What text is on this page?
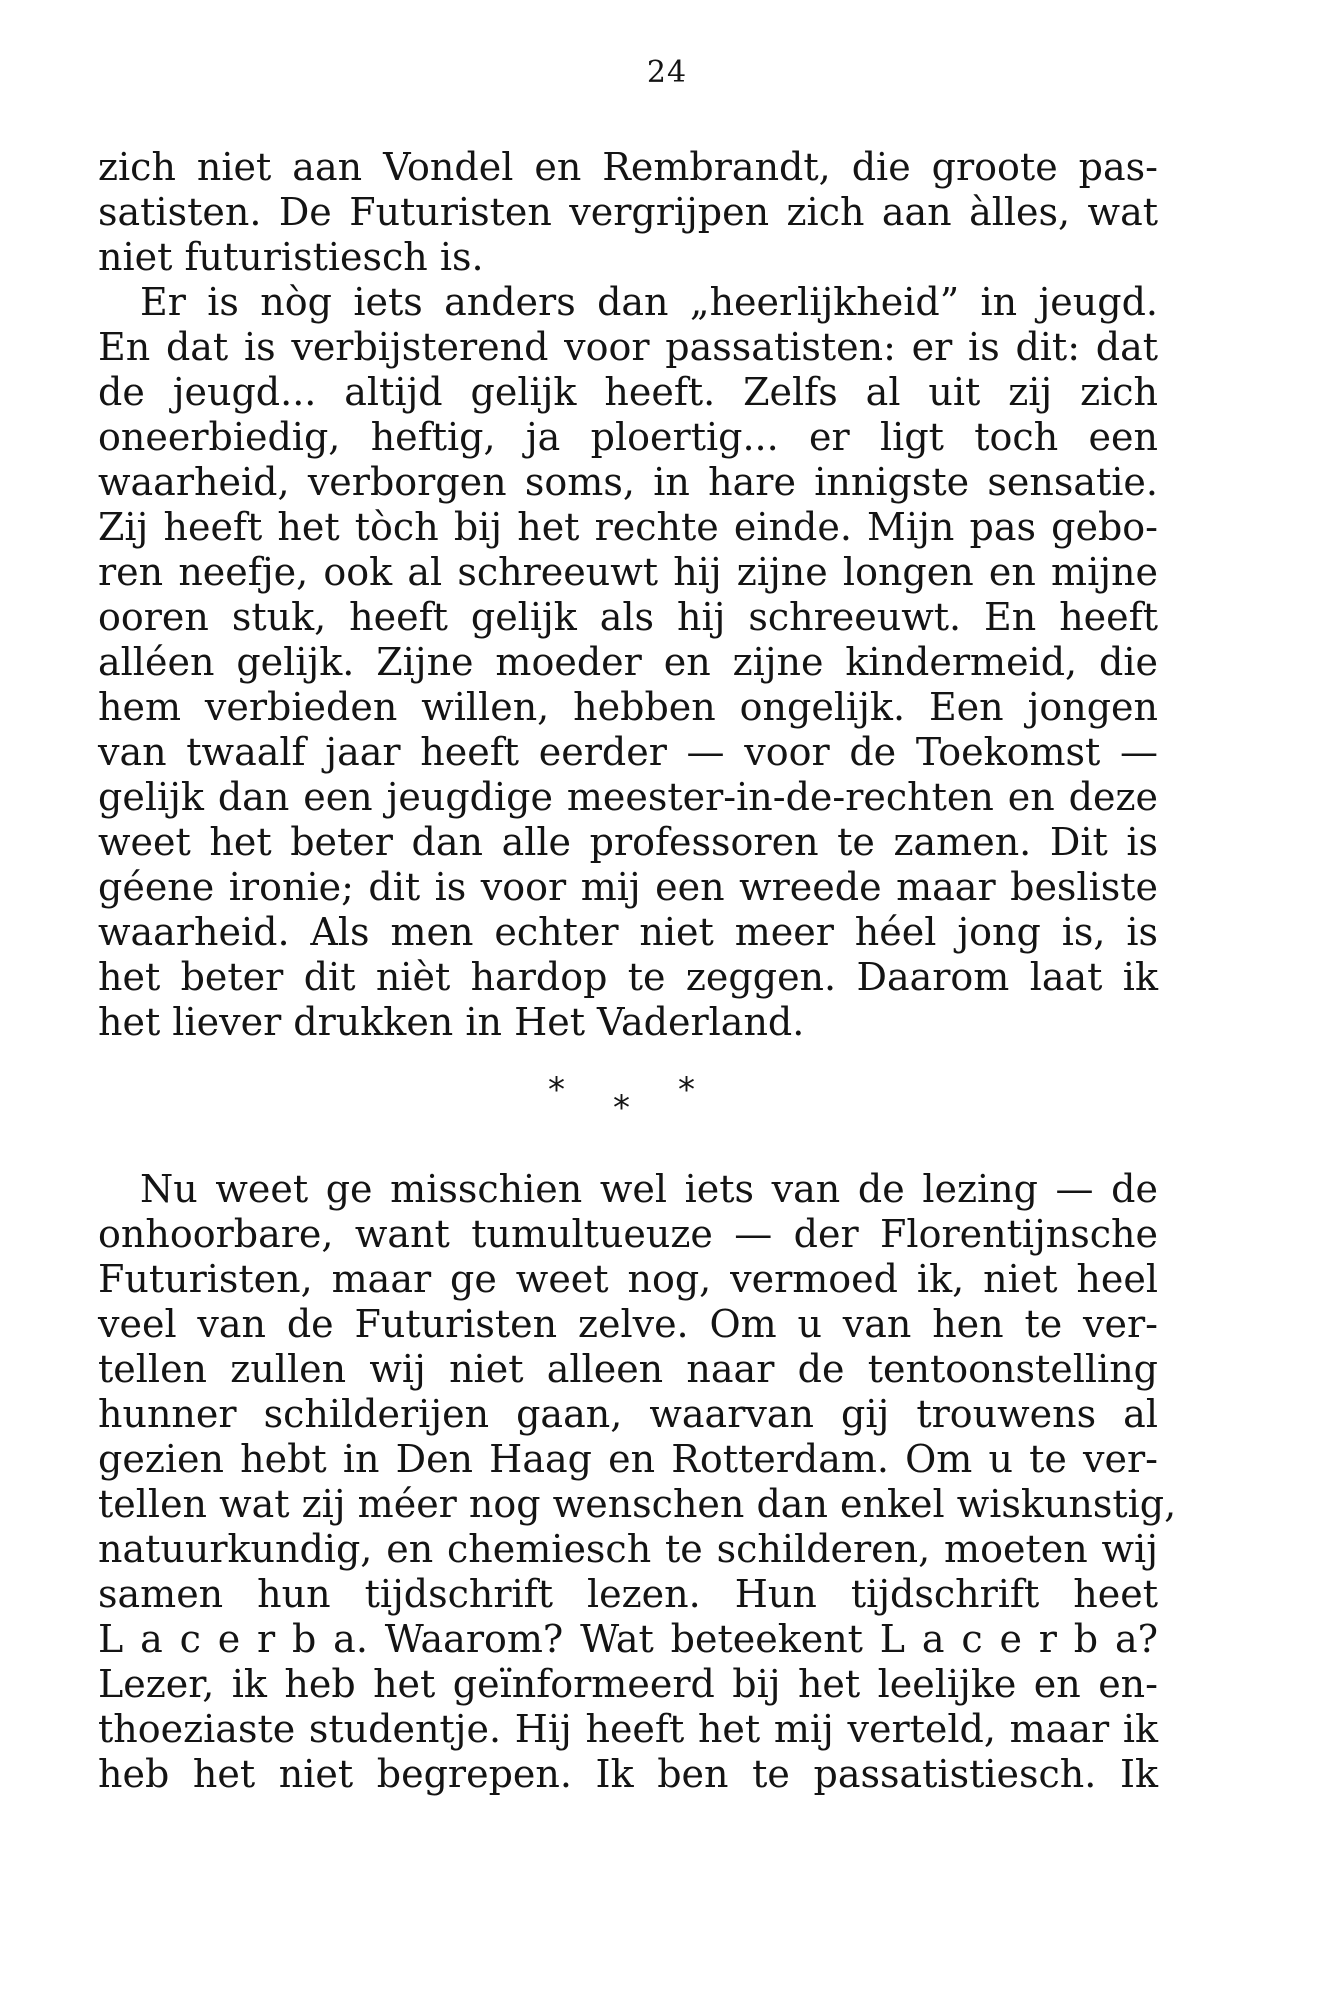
24
zich niet aan Vondel en Rembrandt, die groote pas-
satisten. De Futuristen vergrijpen zich aan àlles, wat
niet futuristiesch is.
Er is nòg iets anders dan „heerlijkheid” in jeugd.
En dat is verbijsterend voor passatisten: er is dit: dat
de jeugd... altijd gelijk heeft. Zelfs al uit zij zich
oneerbiedig, heftig, ja ploertig... er ligt toch een
waarheid, verborgen soms, in hare innigste sensatie.
Zij heeft het tòch bij het rechte einde. Mijn pas gebo-
ren neefje, ook al schreeuwt hij zijne longen en mijne
ooren stuk, heeft gelijk als hij schreeuwt. En heeft
alléen gelijk. Zijne moeder en zijne kindermeid, die
hem verbieden willen, hebben ongelijk. Een jongen
van twaalf jaar heeft eerder — voor de Toekomst —
gelijk dan een jeugdige meester-in-de-rechten en deze
weet het beter dan alle professoren te zamen. Dit is
géene ironie; dit is voor mij een wreede maar besliste
waarheid. Als men echter niet meer héel jong is, is
het beter dit nièt hardop te zeggen. Daarom laat ik
het liever drukken in Het Vaderland.
* * *
Nu weet ge misschien wel iets van de lezing — de
onhoorbare, want tumultueuze — der Florentijnsche
Futuristen, maar ge weet nog, vermoed ik, niet heel
veel van de Futuristen zelve. Om u van hen te ver-
tellen zullen wij niet alleen naar de tentoonstelling
hunner schilderijen gaan, waarvan gij trouwens al
gezien hebt in Den Haag en Rotterdam. Om u te ver-
tellen wat zij méer nog wenschen dan enkel wiskunstig,
natuurkundig, en chemiesch te schilderen, moeten wij
samen hun tijdschrift lezen. Hun tijdschrift heet
L a c e r b a. Waarom? Wat beteekent L a c e r b a?
Lezer, ik heb het geïnformeerd bij het leelijke en en-
thoeziaste studentje. Hij heeft het mij verteld, maar ik
heb het niet begrepen. Ik ben te passatistiesch. Ik
